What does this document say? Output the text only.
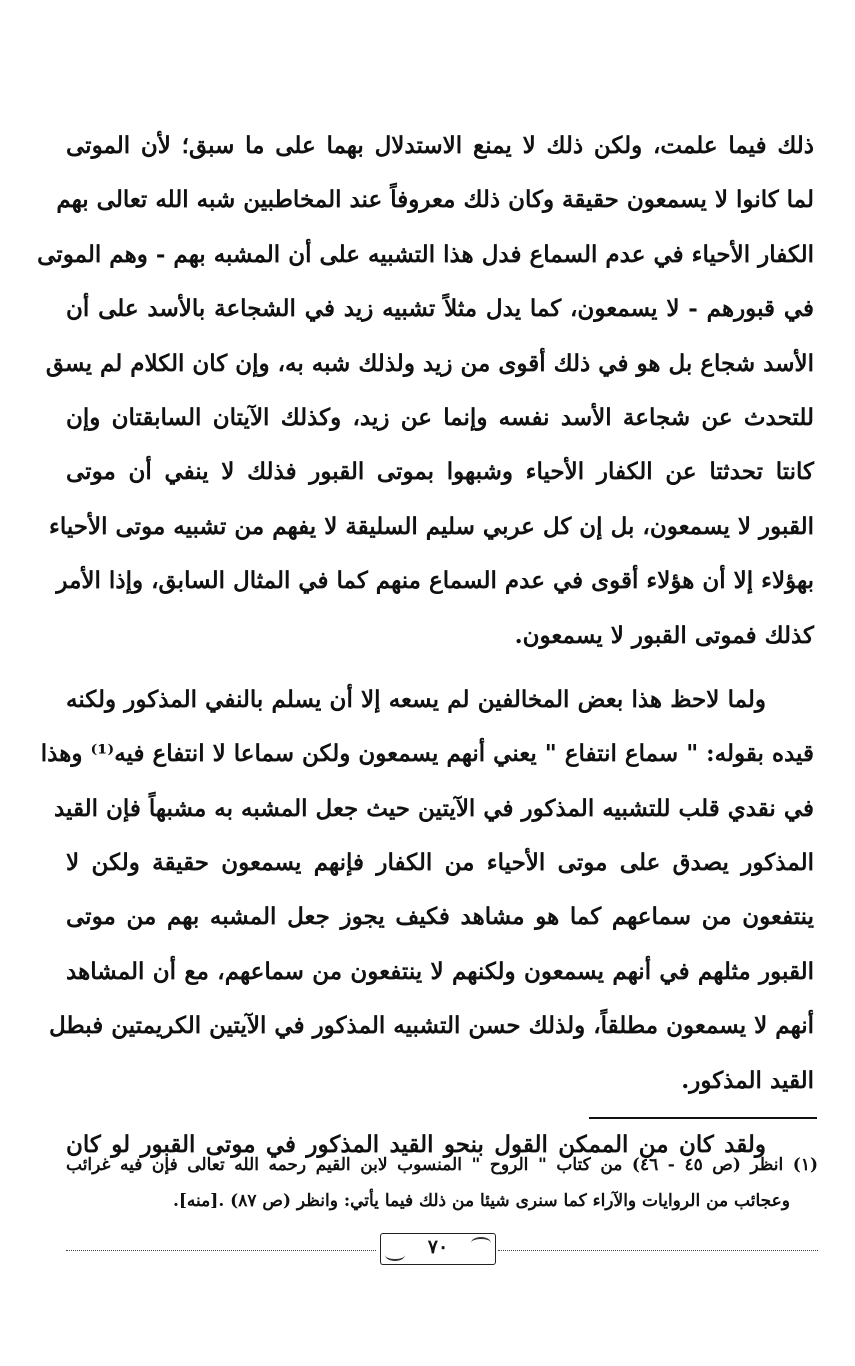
ذلك فيما علمت، ولكن ذلك لا يمنع الاستدلال بهما على ما سبق؛ لأن الموتى
لما كانوا لا يسمعون حقيقة وكان ذلك معروفاً عند المخاطبين شبه الله تعالى بهم
الكفار الأحياء في عدم السماع فدل هذا التشبيه على أن المشبه بهم - وهم الموتى
في قبورهم - لا يسمعون، كما يدل مثلاً تشبيه زيد في الشجاعة بالأسد على أن
الأسد شجاع بل هو في ذلك أقوى من زيد ولذلك شبه به، وإن كان الكلام لم يسق
للتحدث عن شجاعة الأسد نفسه وإنما عن زيد، وكذلك الآيتان السابقتان وإن
كانتا تحدثتا عن الكفار الأحياء وشبهوا بموتى القبور فذلك لا ينفي أن موتى
القبور لا يسمعون، بل إن كل عربي سليم السليقة لا يفهم من تشبيه موتى الأحياء
بهؤلاء إلا أن هؤلاء أقوى في عدم السماع منهم كما في المثال السابق، وإذا الأمر
كذلك فموتى القبور لا يسمعون.
ولما لاحظ هذا بعض المخالفين لم يسعه إلا أن يسلم بالنفي المذكور ولكنه
قيده بقوله: " سماع انتفاع " يعني أنهم يسمعون ولكن سماعا لا انتفاع فيه⁽¹⁾ وهذا
في نقدي قلب للتشبيه المذكور في الآيتين حيث جعل المشبه به مشبهاً فإن القيد
المذكور يصدق على موتى الأحياء من الكفار فإنهم يسمعون حقيقة ولكن لا
ينتفعون من سماعهم كما هو مشاهد فكيف يجوز جعل المشبه بهم من موتى
القبور مثلهم في أنهم يسمعون ولكنهم لا ينتفعون من سماعهم، مع أن المشاهد
أنهم لا يسمعون مطلقاً، ولذلك حسن التشبيه المذكور في الآيتين الكريمتين فبطل
القيد المذكور.
ولقد كان من الممكن القول بنحو القيد المذكور في موتى القبور لو كان
(١) انظر (ص ٤٥ - ٤٦) من كتاب " الروح " المنسوب لابن القيم رحمه الله تعالى فإن فيه غرائب
وعجائب من الروايات والآراء كما سنرى شيئا من ذلك فيما يأتي: وانظر (ص ٨٧) .[منه].
٧٠
